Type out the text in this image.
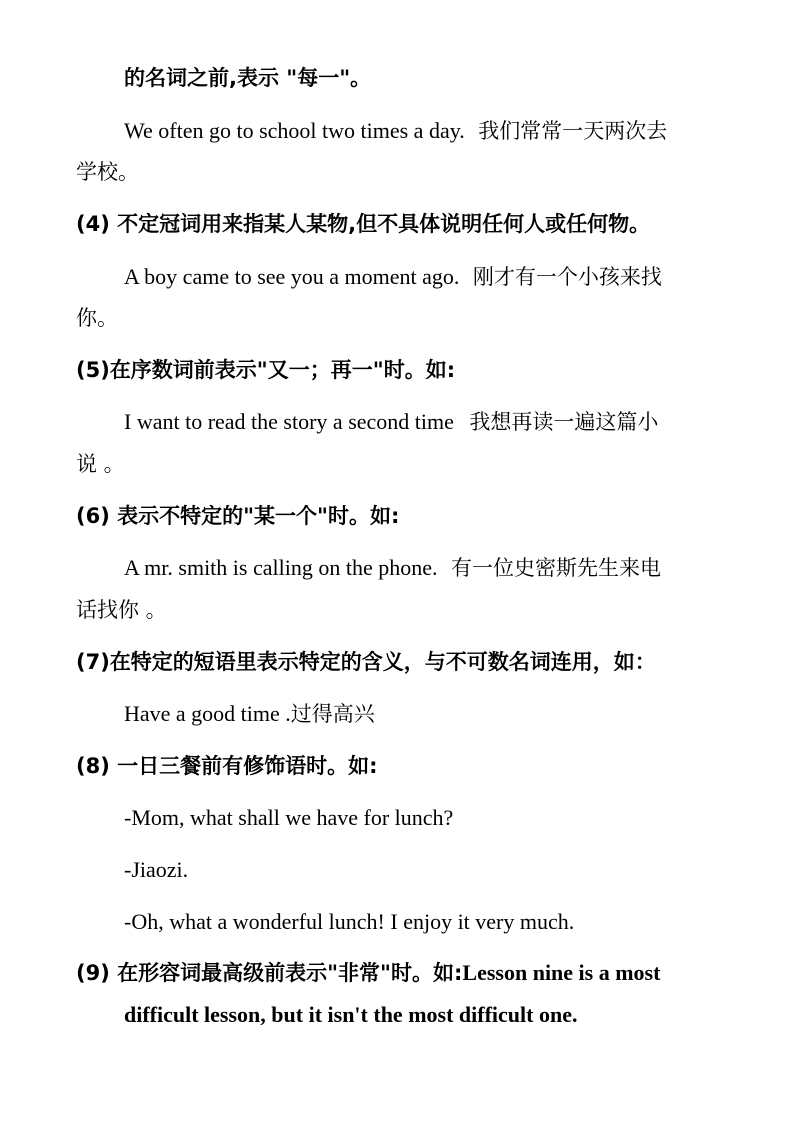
的名词之前,表示 "每一"。
We often go to school two times a day. 我们常常一天两次去
学校。
(4) 不定冠词用来指某人某物,但不具体说明任何人或任何物。
A boy came to see you a moment ago. 刚才有一个小孩来找
你。
(5)在序数词前表示"又一；再一"时。如:
I want to read the story a second time 我想再读一遍这篇小
说 。
(6) 表示不特定的"某一个"时。如:
A mr. smith is calling on the phone. 有一位史密斯先生来电
话找你 。
(7)在特定的短语里表示特定的含义，与不可数名词连用，如：
Have a good time .过得高兴
(8) 一日三餐前有修饰语时。如:
-Mom, what shall we have for lunch?
-Jiaozi.
-Oh, what a wonderful lunch! I enjoy it very much.
(9) 在形容词最高级前表示"非常"时。如:Lesson nine is a most
difficult lesson, but it isn't the most difficult one.
